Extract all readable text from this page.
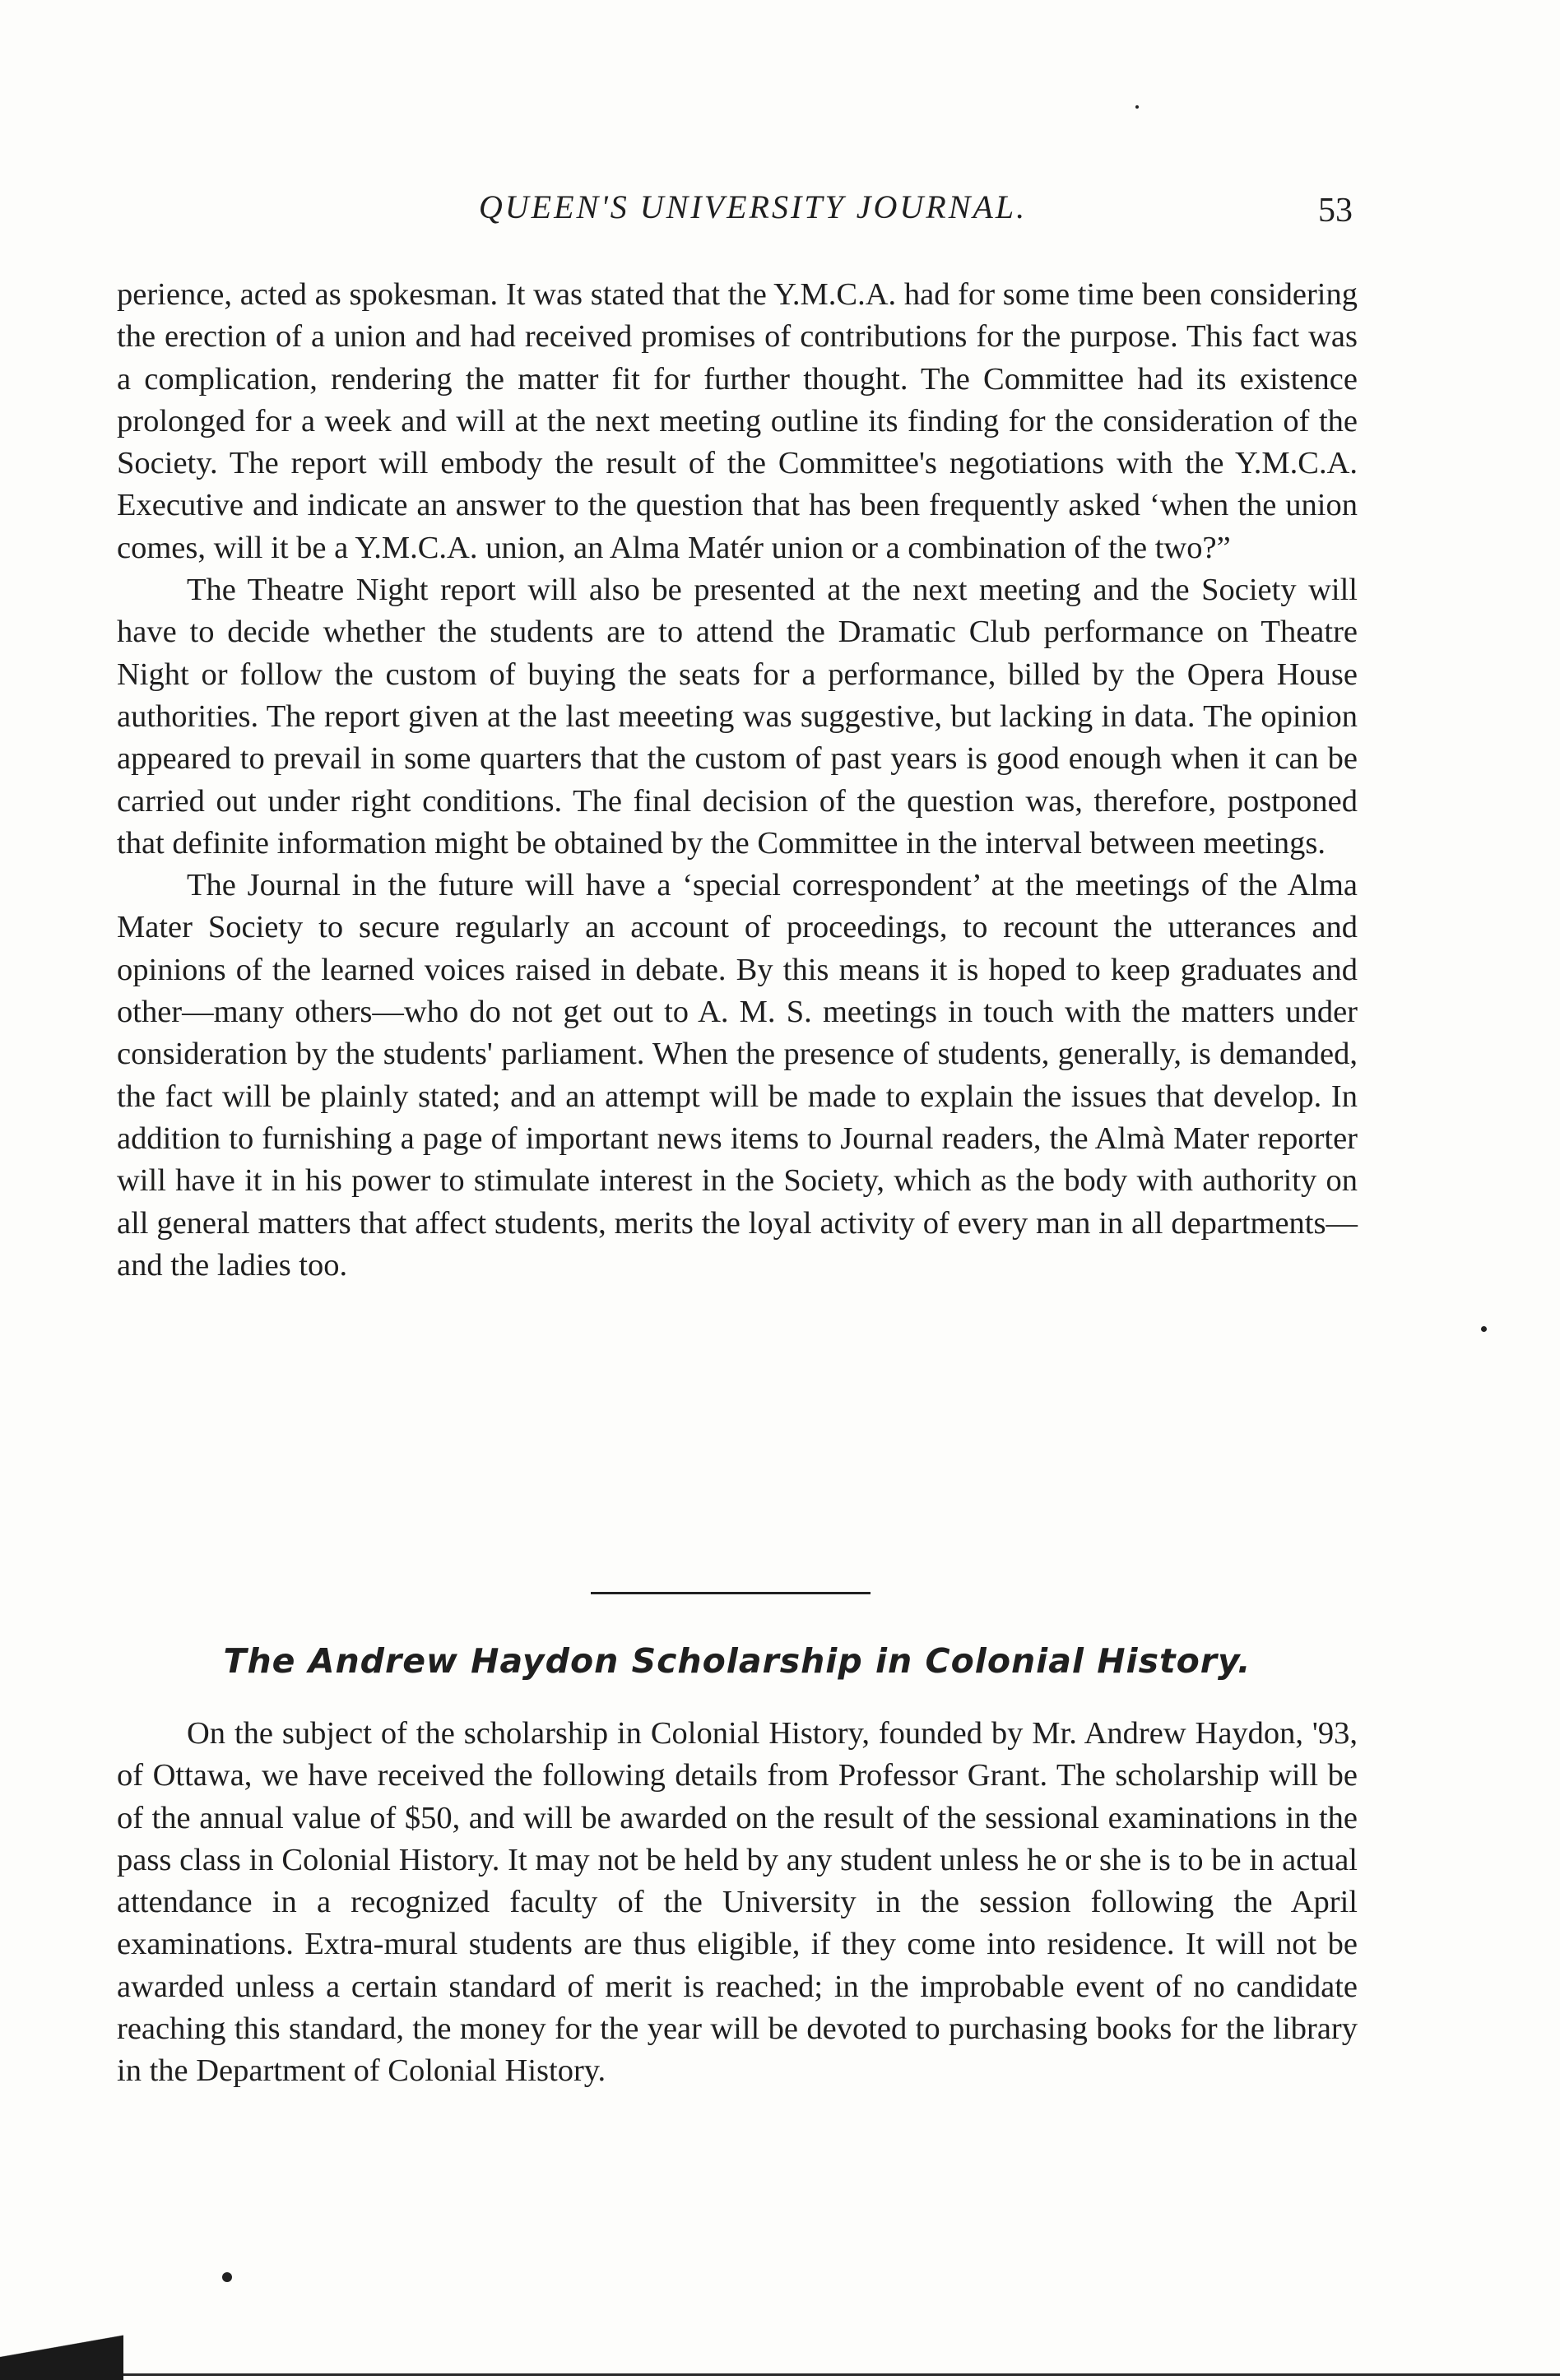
QUEEN'S UNIVERSITY JOURNAL.	53

perience, acted as spokesman. It was stated that the Y.M.C.A. had for some time been considering the erection of a union and had received promises of contributions for the purpose. This fact was a complication, rendering the matter fit for further thought. The Committee had its existence prolonged for a week and will at the next meeting outline its finding for the consideration of the Society. The report will embody the result of the Committee's negotiations with the Y.M.C.A. Executive and indicate an answer to the question that has been frequently asked ‘when the union comes, will it be a Y.M.C.A. union, an Alma Matér union or a combination of the two?”

The Theatre Night report will also be presented at the next meeting and the Society will have to decide whether the students are to attend the Dramatic Club performance on Theatre Night or follow the custom of buying the seats for a performance, billed by the Opera House authorities. The report given at the last meeeting was suggestive, but lacking in data. The opinion appeared to prevail in some quarters that the custom of past years is good enough when it can be carried out under right conditions. The final decision of the question was, therefore, postponed that definite information might be obtained by the Committee in the interval between meetings.

The Journal in the future will have a ‘special correspondent’ at the meetings of the Alma Mater Society to secure regularly an account of proceedings, to recount the utterances and opinions of the learned voices raised in debate. By this means it is hoped to keep graduates and other—many others—who do not get out to A. M. S. meetings in touch with the matters under consideration by the students' parliament. When the presence of students, generally, is demanded, the fact will be plainly stated; and an attempt will be made to explain the issues that develop. In addition to furnishing a page of important news items to Journal readers, the Almà Mater reporter will have it in his power to stimulate interest in the Society, which as the body with authority on all general matters that affect students, merits the loyal activity of every man in all departments—and the ladies too.

The Andrew Haydon Scholarship in Colonial History.

On the subject of the scholarship in Colonial History, founded by Mr. Andrew Haydon, '93, of Ottawa, we have received the following details from Professor Grant. The scholarship will be of the annual value of $50, and will be awarded on the result of the sessional examinations in the pass class in Colonial History. It may not be held by any student unless he or she is to be in actual attendance in a recognized faculty of the University in the session following the April examinations. Extra-mural students are thus eligible, if they come into residence. It will not be awarded unless a certain standard of merit is reached; in the improbable event of no candidate reaching this standard, the money for the year will be devoted to purchasing books for the library in the Department of Colonial History.
